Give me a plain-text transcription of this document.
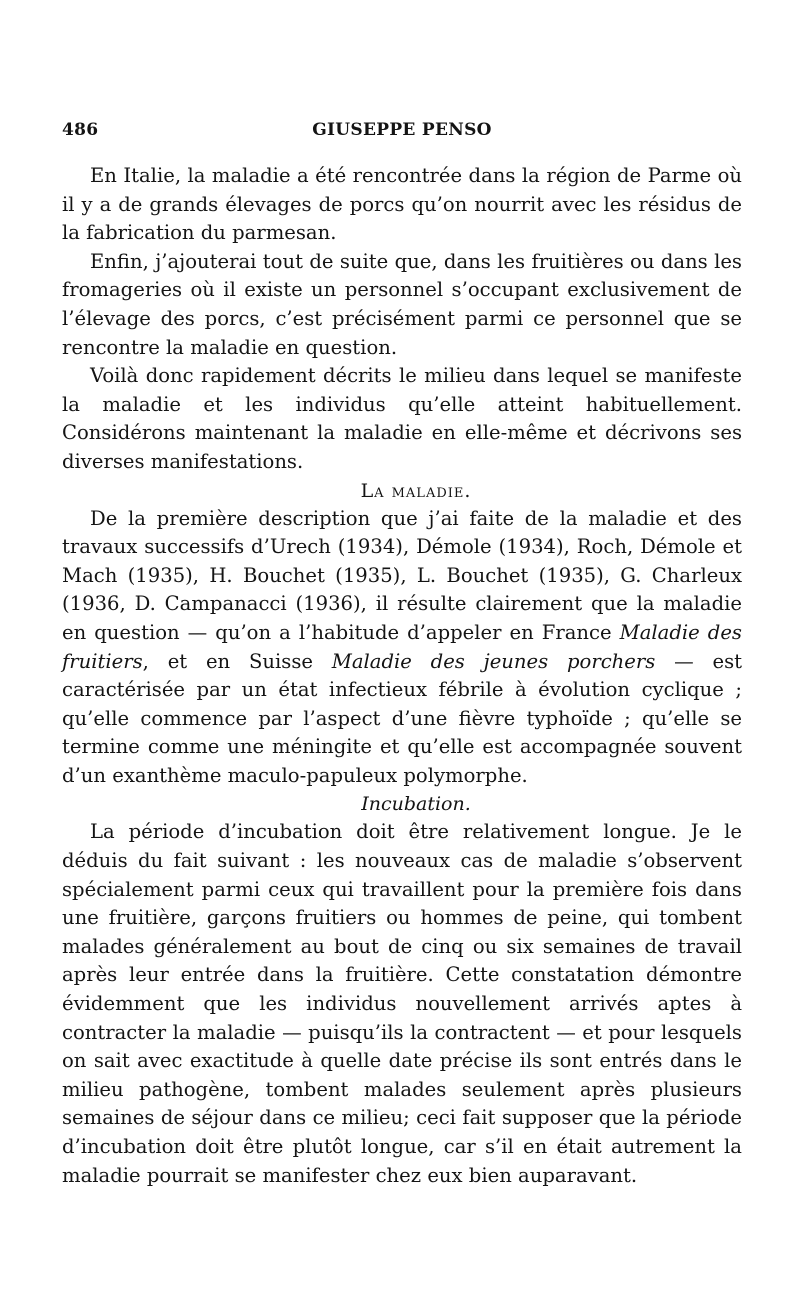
486	GIUSEPPE PENSO

En Italie, la maladie a été rencontrée dans la région de Parme où il y a de grands élevages de porcs qu’on nourrit avec les résidus de la fabrication du parmesan.

Enfin, j’ajouterai tout de suite que, dans les fruitières ou dans les fromageries où il existe un personnel s’occupant exclusivement de l’élevage des porcs, c’est précisément parmi ce personnel que se rencontre la maladie en question.

Voilà donc rapidement décrits le milieu dans lequel se manifeste la maladie et les individus qu’elle atteint habituellement. Considérons maintenant la maladie en elle-même et décrivons ses diverses manifestations.

La maladie.

De la première description que j’ai faite de la maladie et des travaux successifs d’Urech (1934), Démole (1934), Roch, Démole et Mach (1935), H. Bouchet (1935), L. Bouchet (1935), G. Charleux (1936, D. Campanacci (1936), il résulte clairement que la maladie en question — qu’on a l’habitude d’appeler en France Maladie des fruitiers, et en Suisse Maladie des jeunes porchers — est caractérisée par un état infectieux fébrile à évolution cyclique ; qu’elle commence par l’aspect d’une fièvre typhoïde ; qu’elle se termine comme une méningite et qu’elle est accompagnée souvent d’un exanthème maculo-papuleux polymorphe.

Incubation.

La période d’incubation doit être relativement longue. Je le déduis du fait suivant : les nouveaux cas de maladie s’observent spécialement parmi ceux qui travaillent pour la première fois dans une fruitière, garçons fruitiers ou hommes de peine, qui tombent malades généralement au bout de cinq ou six semaines de travail après leur entrée dans la fruitière. Cette constatation démontre évidemment que les individus nouvellement arrivés aptes à contracter la maladie — puisqu’ils la contractent — et pour lesquels on sait avec exactitude à quelle date précise ils sont entrés dans le milieu pathogène, tombent malades seulement après plusieurs semaines de séjour dans ce milieu; ceci fait supposer que la période d’incubation doit être plutôt longue, car s’il en était autrement la maladie pourrait se manifester chez eux bien auparavant.
